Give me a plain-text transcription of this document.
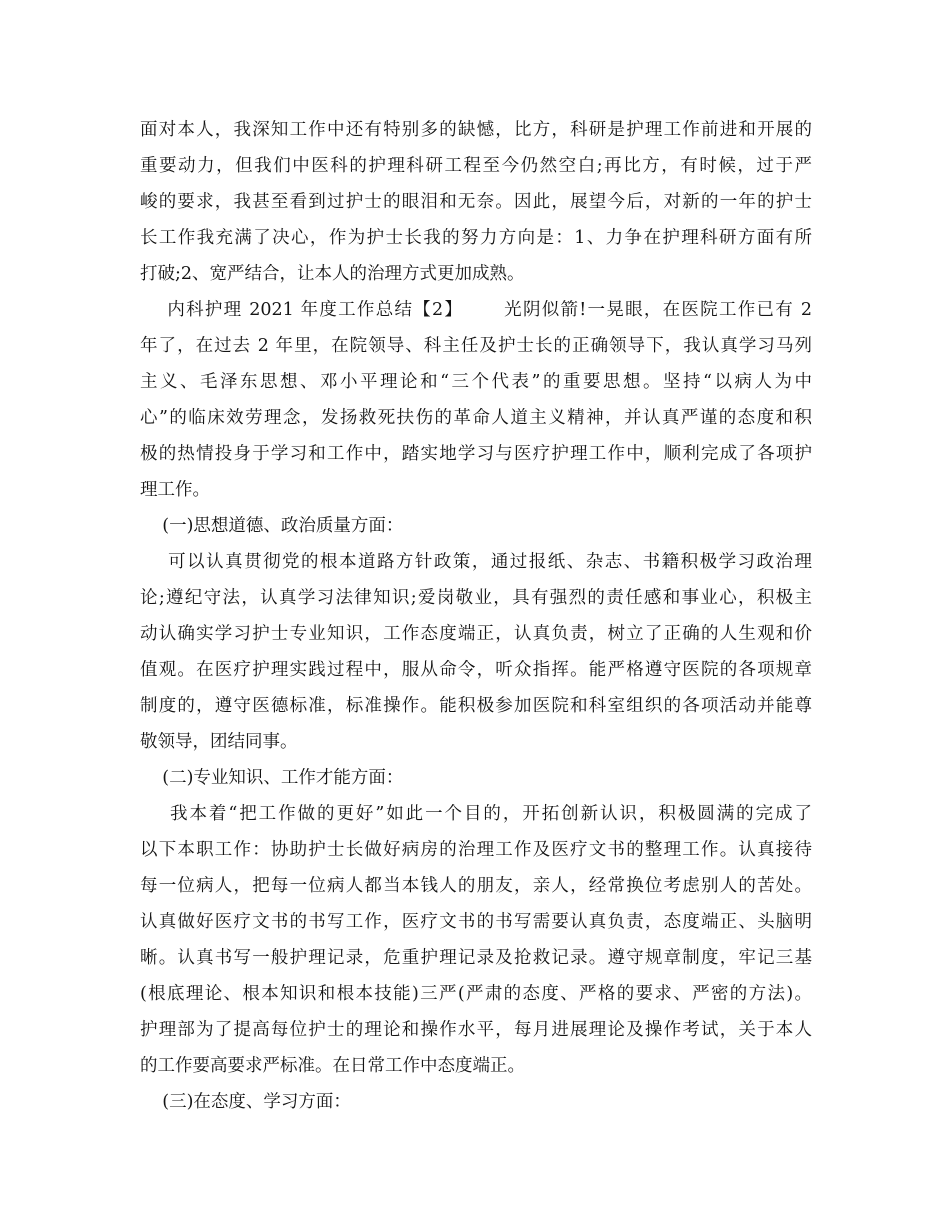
面对本人，我深知工作中还有特别多的缺憾，比方，科研是护理工作前进和开展的
重要动力，但我们中医科的护理科研工程至今仍然空白;再比方，有时候，过于严
峻的要求，我甚至看到过护士的眼泪和无奈。因此，展望今后，对新的一年的护士
长工作我充满了决心，作为护士长我的努力方向是：1、力争在护理科研方面有所
打破;2、宽严结合，让本人的治理方式更加成熟。
内科护理 2021 年度工作总结【2】      光阴似箭!一晃眼，在医院工作已有 2
年了，在过去 2 年里，在院领导、科主任及护士长的正确领导下，我认真学习马列
主义、毛泽东思想、邓小平理论和“三个代表”的重要思想。坚持“以病人为中
心”的临床效劳理念，发扬救死扶伤的革命人道主义精神，并认真严谨的态度和积
极的热情投身于学习和工作中，踏实地学习与医疗护理工作中，顺利完成了各项护
理工作。
(一)思想道德、政治质量方面：
可以认真贯彻党的根本道路方针政策，通过报纸、杂志、书籍积极学习政治理
论;遵纪守法，认真学习法律知识;爱岗敬业，具有强烈的责任感和事业心，积极主
动认确实学习护士专业知识，工作态度端正，认真负责，树立了正确的人生观和价
值观。在医疗护理实践过程中，服从命令，听众指挥。能严格遵守医院的各项规章
制度的，遵守医德标准，标准操作。能积极参加医院和科室组织的各项活动并能尊
敬领导，团结同事。
(二)专业知识、工作才能方面：
我本着“把工作做的更好”如此一个目的，开拓创新认识，积极圆满的完成了
以下本职工作：协助护士长做好病房的治理工作及医疗文书的整理工作。认真接待
每一位病人，把每一位病人都当本钱人的朋友，亲人，经常换位考虑别人的苦处。
认真做好医疗文书的书写工作，医疗文书的书写需要认真负责，态度端正、头脑明
晰。认真书写一般护理记录，危重护理记录及抢救记录。遵守规章制度，牢记三基
(根底理论、根本知识和根本技能)三严(严肃的态度、严格的要求、严密的方法)。
护理部为了提高每位护士的理论和操作水平，每月进展理论及操作考试，关于本人
的工作要高要求严标准。在日常工作中态度端正。
(三)在态度、学习方面：
